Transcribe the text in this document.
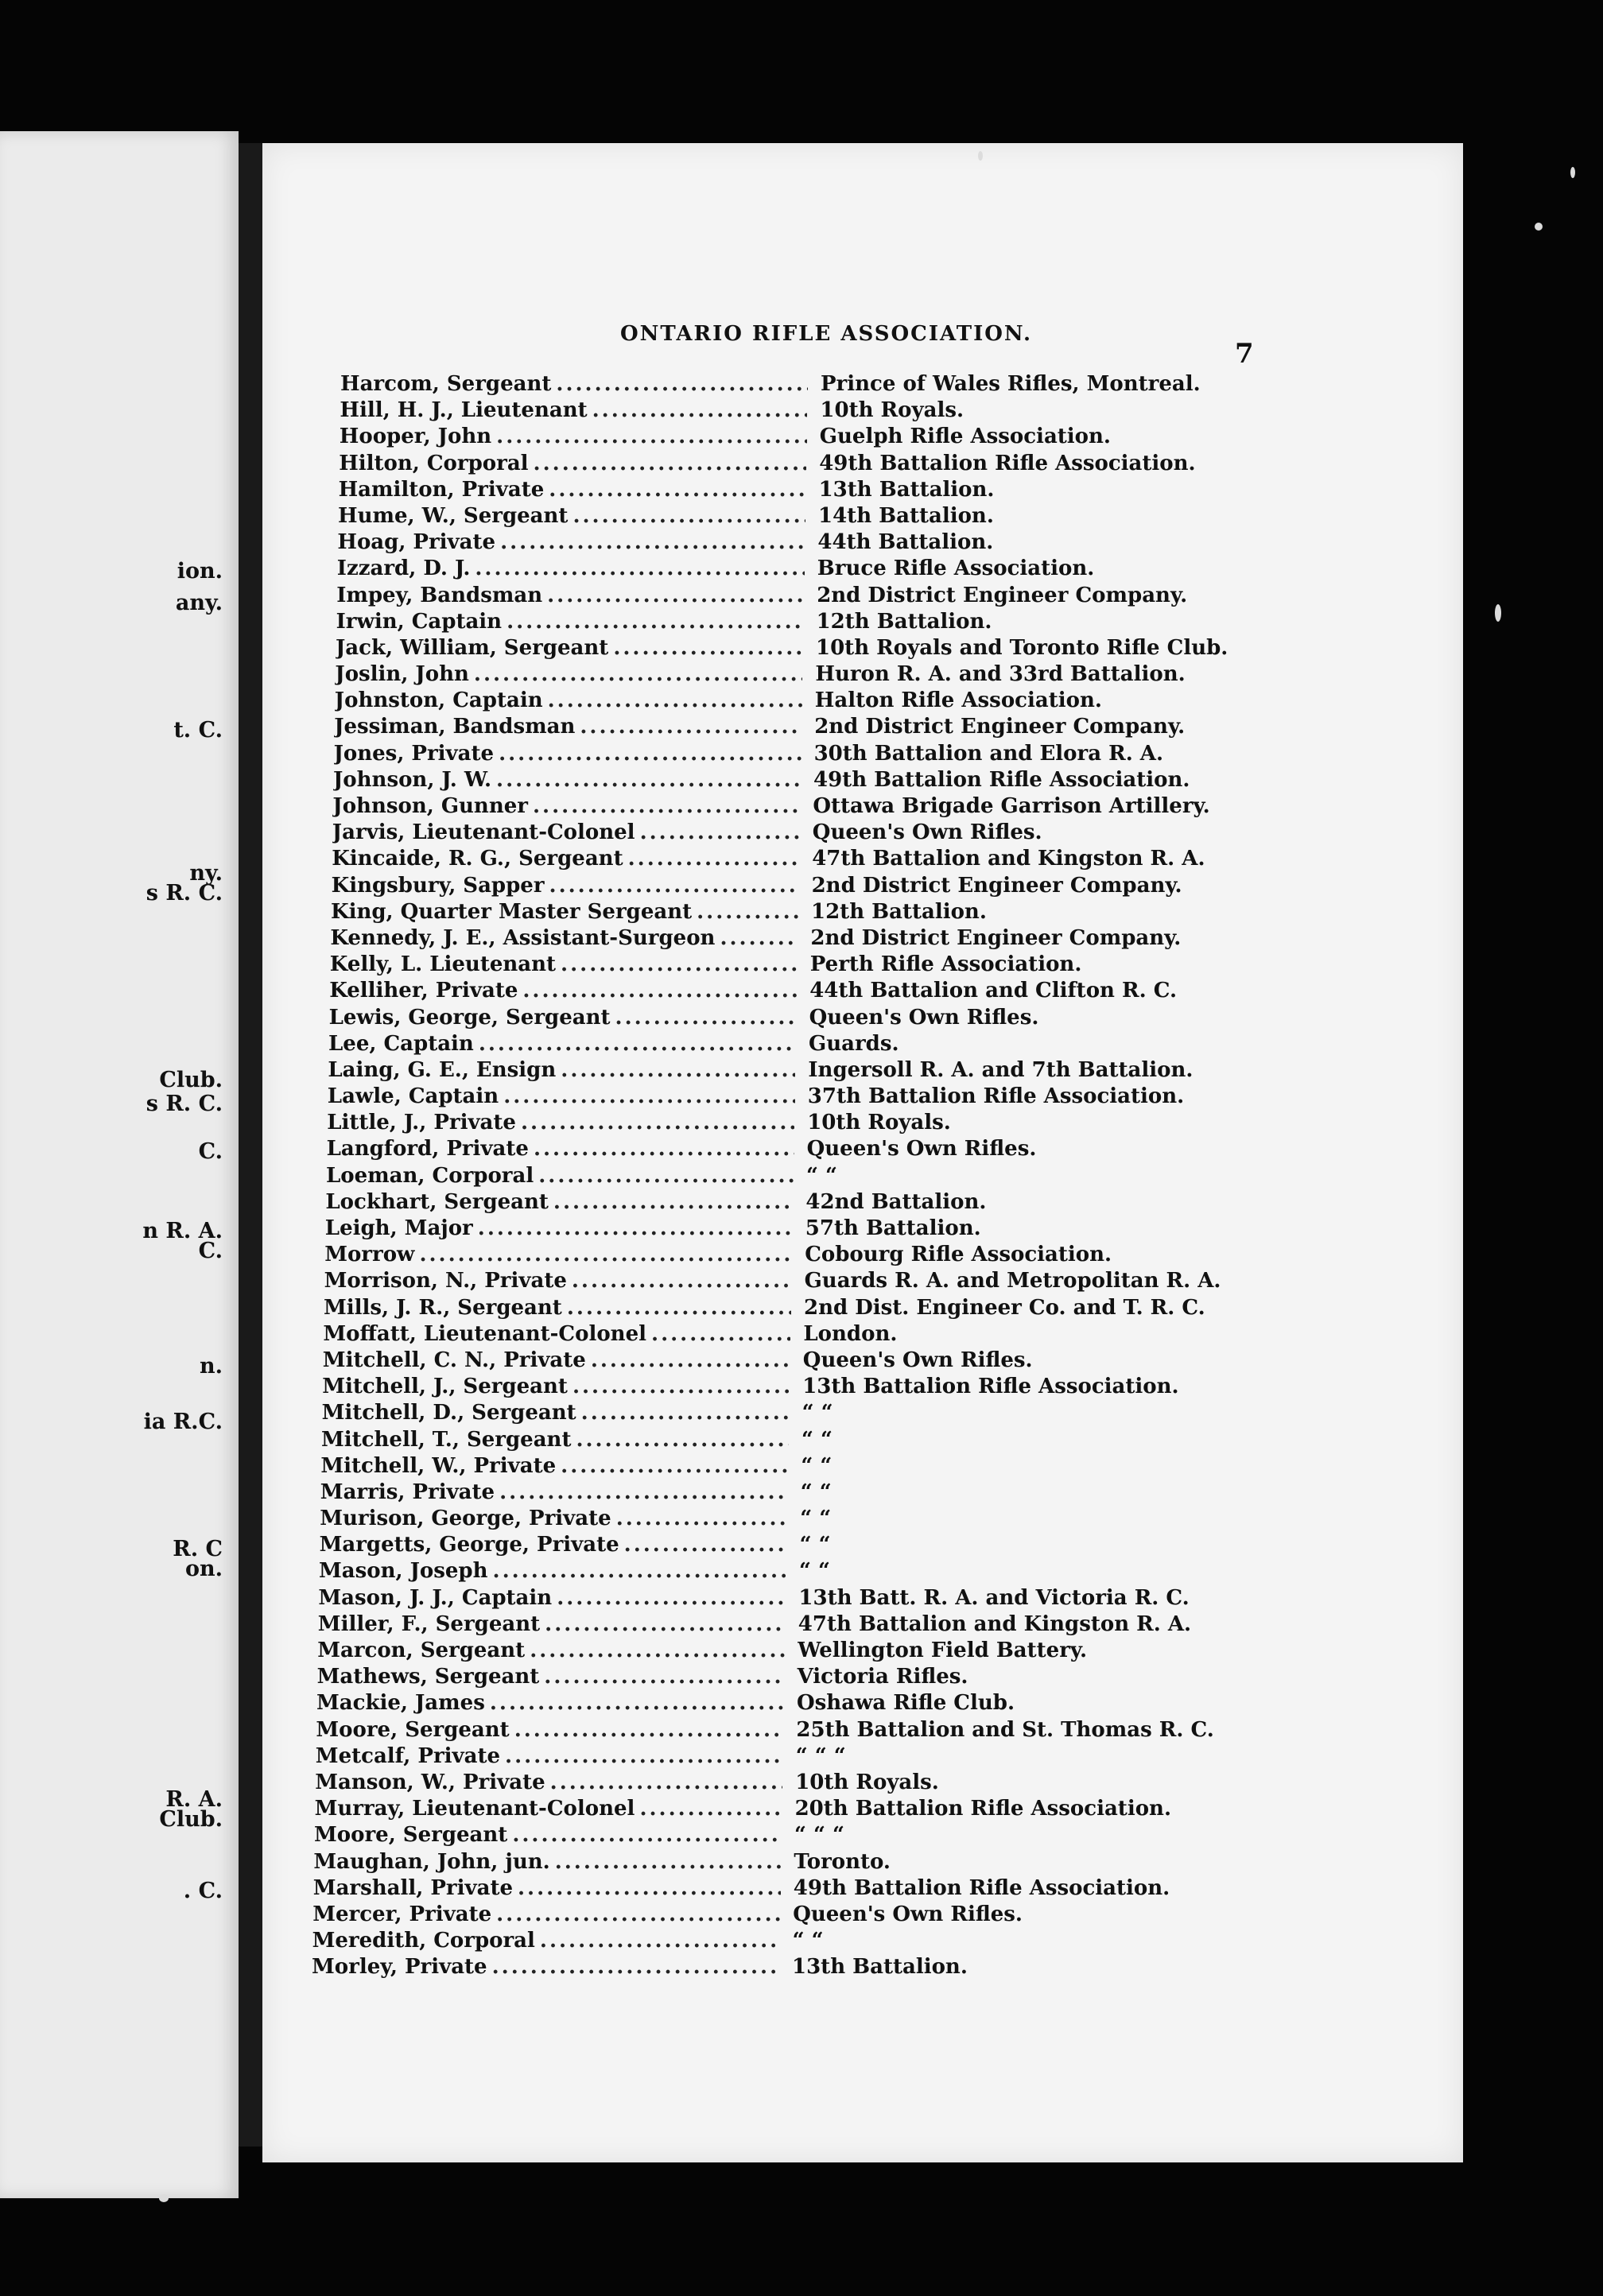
ion.
any.
t. C.
ny.
s R. C.
Club.
s R. C.
C.
n R. A.
C.
n.
ia R.C.
R. C
on.
R. A.
Club.
. C.
ONTARIO RIFLE ASSOCIATION.
7
Harcom, Sergeant .....	Prince of Wales Rifles, Montreal.
Hill, H. J., Lieutenant .....	10th Royals.
Hooper, John .....	Guelph Rifle Association.
Hilton, Corporal .....	49th Battalion Rifle Association.
Hamilton, Private .....	13th Battalion.
Hume, W., Sergeant .....	14th Battalion.
Hoag, Private .....	44th Battalion.
Izzard, D. J. .....	Bruce Rifle Association.
Impey, Bandsman .....	2nd District Engineer Company.
Irwin, Captain .....	12th Battalion.
Jack, William, Sergeant .....	10th Royals and Toronto Rifle Club.
Joslin, John .....	Huron R. A. and 33rd Battalion.
Johnston, Captain .....	Halton Rifle Association.
Jessiman, Bandsman .....	2nd District Engineer Company.
Jones, Private .....	30th Battalion and Elora R. A.
Johnson, J. W. .....	49th Battalion Rifle Association.
Johnson, Gunner .....	Ottawa Brigade Garrison Artillery.
Jarvis, Lieutenant-Colonel .....	Queen's Own Rifles.
Kincaide, R. G., Sergeant .....	47th Battalion and Kingston R. A.
Kingsbury, Sapper .....	2nd District Engineer Company.
King, Quarter Master Sergeant .....	12th Battalion.
Kennedy, J. E., Assistant-Surgeon .....	2nd District Engineer Company.
Kelly, L. Lieutenant .....	Perth Rifle Association.
Kelliher, Private .....	44th Battalion and Clifton R. C.
Lewis, George, Sergeant .....	Queen's Own Rifles.
Lee, Captain .....	Guards.
Laing, G. E., Ensign .....	Ingersoll R. A. and 7th Battalion.
Lawle, Captain .....	37th Battalion Rifle Association.
Little, J., Private .....	10th Royals.
Langford, Private .....	Queen's Own Rifles.
Loeman, Corporal .....	“ “
Lockhart, Sergeant .....	42nd Battalion.
Leigh, Major .....	57th Battalion.
Morrow .....	Cobourg Rifle Association.
Morrison, N., Private .....	Guards R. A. and Metropolitan R. A.
Mills, J. R., Sergeant .....	2nd Dist. Engineer Co. and T. R. C.
Moffatt, Lieutenant-Colonel .....	London.
Mitchell, C. N., Private .....	Queen's Own Rifles.
Mitchell, J., Sergeant .....	13th Battalion Rifle Association.
Mitchell, D., Sergeant .....	“ “
Mitchell, T., Sergeant .....	“ “
Mitchell, W., Private .....	“ “
Marris, Private .....	“ “
Murison, George, Private .....	“ “
Margetts, George, Private .....	“ “
Mason, Joseph .....	“ “
Mason, J. J., Captain .....	13th Batt. R. A. and Victoria R. C.
Miller, F., Sergeant .....	47th Battalion and Kingston R. A.
Marcon, Sergeant .....	Wellington Field Battery.
Mathews, Sergeant .....	Victoria Rifles.
Mackie, James .....	Oshawa Rifle Club.
Moore, Sergeant .....	25th Battalion and St. Thomas R. C.
Metcalf, Private .....	“ “ “
Manson, W., Private .....	10th Royals.
Murray, Lieutenant-Colonel .....	20th Battalion Rifle Association.
Moore, Sergeant .....	“ “ “
Maughan, John, jun. .....	Toronto.
Marshall, Private .....	49th Battalion Rifle Association.
Mercer, Private .....	Queen's Own Rifles.
Meredith, Corporal .....	“ “
Morley, Private .....	13th Battalion.
